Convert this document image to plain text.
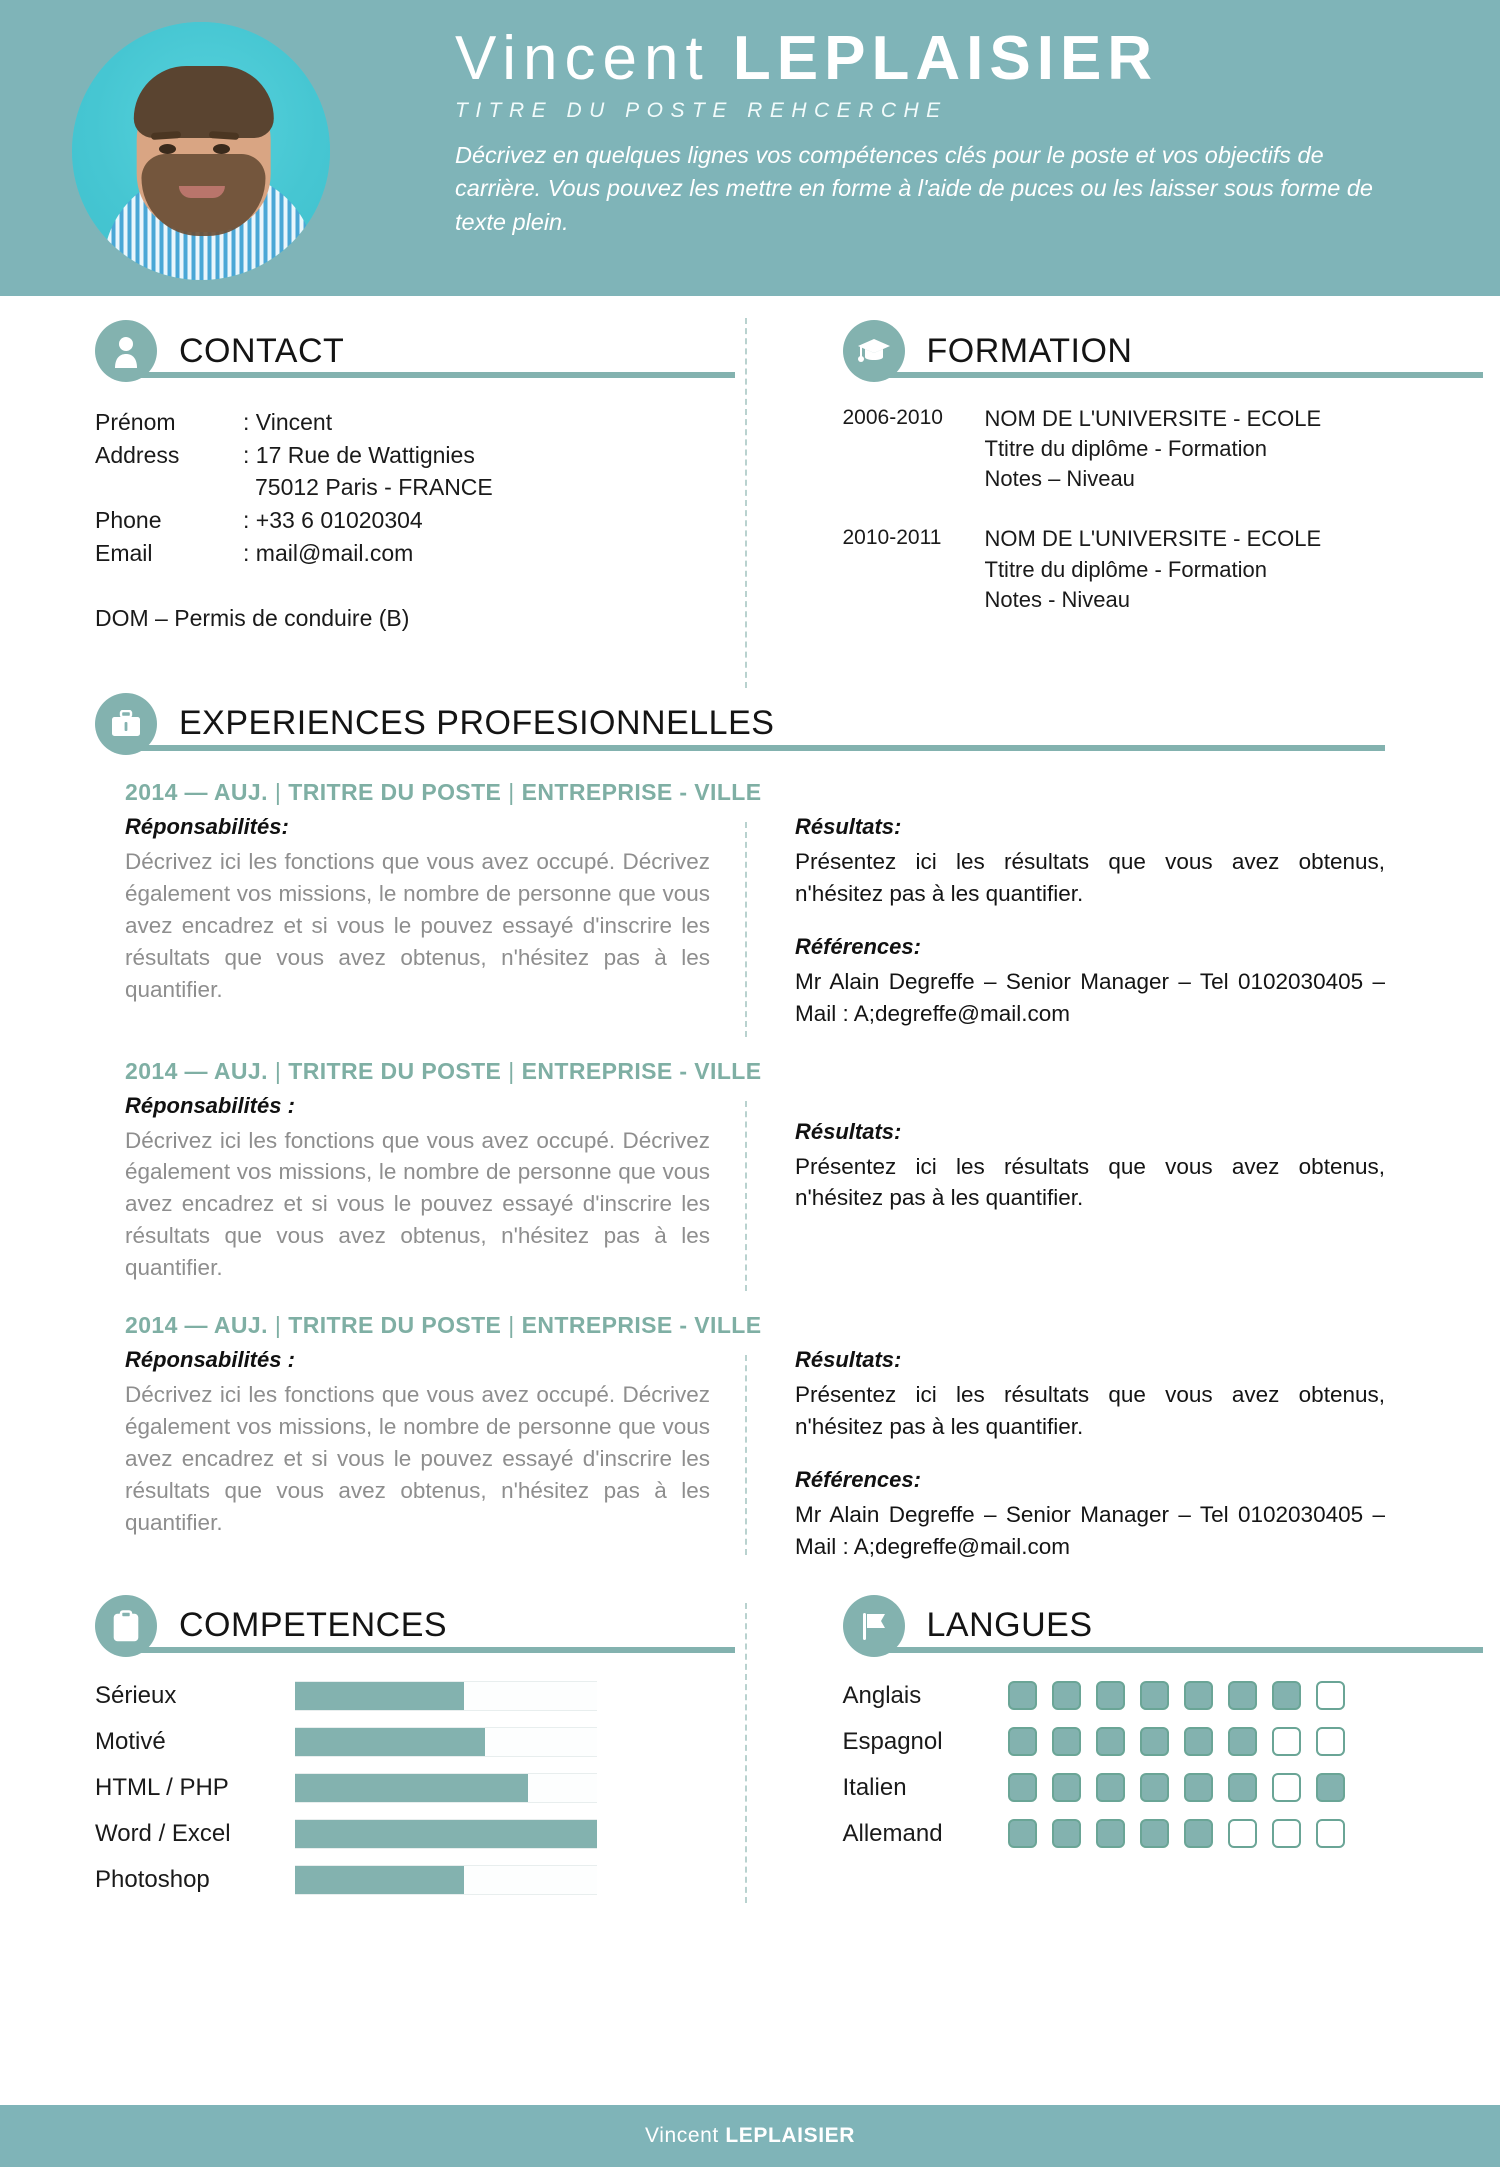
Vincent LEPLAISIER
TITRE DU POSTE REHCERCHE
Décrivez en quelques lignes vos compétences clés pour le poste et vos objectifs de carrière. Vous pouvez les mettre en forme à l'aide de puces ou les laisser sous forme de texte plein.
CONTACT
Prénom	: Vincent
Address	: 17 Rue de Wattignies
75012 Paris - FRANCE
Phone	: +33 6 01020304
Email	: mail@mail.com
DOM – Permis de conduire (B)
FORMATION
2006-2010	NOM DE L'UNIVERSITE - ECOLE
Ttitre du diplôme - Formation
Notes – Niveau
2010-2011	NOM DE L'UNIVERSITE - ECOLE
Ttitre du diplôme - Formation
Notes - Niveau
EXPERIENCES PROFESIONNELLES
2014 — AUJ. | TRITRE DU POSTE | ENTREPRISE - VILLE
Réponsabilités:
Décrivez ici les fonctions que vous avez occupé. Décrivez également vos missions, le nombre de personne que vous avez encadrez et si vous le pouvez essayé d'inscrire les résultats que vous avez obtenus, n'hésitez pas à les quantifier.
Résultats:
Présentez ici les résultats que vous avez obtenus, n'hésitez pas à les quantifier.
Références:
Mr Alain Degreffe – Senior Manager – Tel 0102030405 – Mail : A;degreffe@mail.com
2014 — AUJ. | TRITRE DU POSTE | ENTREPRISE - VILLE
Réponsabilités :
Décrivez ici les fonctions que vous avez occupé. Décrivez également vos missions, le nombre de personne que vous avez encadrez et si vous le pouvez essayé d'inscrire les résultats que vous avez obtenus, n'hésitez pas à les quantifier.
Résultats:
Présentez ici les résultats que vous avez obtenus, n'hésitez pas à les quantifier.
2014 — AUJ. | TRITRE DU POSTE | ENTREPRISE - VILLE
Réponsabilités :
Décrivez ici les fonctions que vous avez occupé. Décrivez également vos missions, le nombre de personne que vous avez encadrez et si vous le pouvez essayé d'inscrire les résultats que vous avez obtenus, n'hésitez pas à les quantifier.
Résultats:
Présentez ici les résultats que vous avez obtenus, n'hésitez pas à les quantifier.
Références:
Mr Alain Degreffe – Senior Manager – Tel 0102030405 – Mail : A;degreffe@mail.com
COMPETENCES
Sérieux
Motivé
HTML / PHP
Word / Excel
Photoshop
LANGUES
Anglais
Espagnol
Italien
Allemand
Vincent LEPLAISIER
